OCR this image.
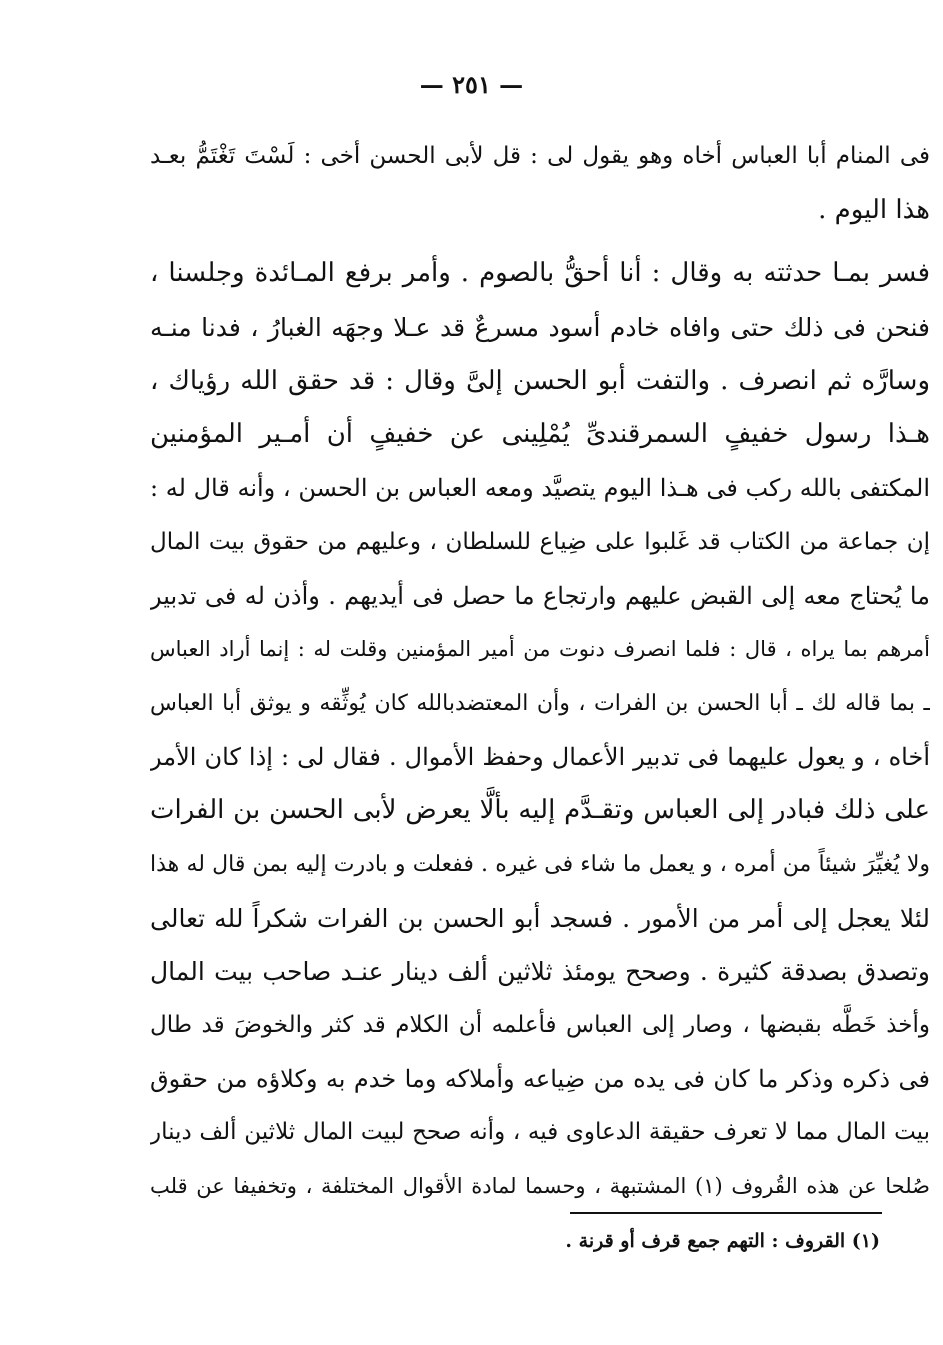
— ٢٥١ —
فى المنام أبا العباس أخاه وهو يقول لى : قل لأبى الحسن أخى : لَسْتَ تَغْتَمُّ بعـد
هذا اليوم .
فسر بمـا حدثته به وقال : أنا أحقُّ بالصوم . وأمر برفع المـائدة وجلسنا ،
فنحن فى ذلك حتى وافاه خادم أسود مسرعٌ قد عـلا وجهَه الغبارُ ، فدنا منـه
وسارَّه ثم انصرف . والتفت أبو الحسن إلىَّ وقال : قد حقق الله رؤياك ،
هـذا رسول خفيفٍ السمرقندىِّ يُمْلِينى عن خفيفٍ أن أمـير المؤمنين
المكتفى بالله ركب فى هـذا اليوم يتصيَّد ومعه العباس بن الحسن ، وأنه قال له :
إن جماعة من الكتاب قد غَلبوا على ضِياع للسلطان ، وعليهم من حقوق بيت المال
ما يُحتاج معه إلى القبض عليهم وارتجاع ما حصل فى أيديهم . وأذن له فى تدبير
أمرهم بما يراه ، قال : فلما انصرف دنوت من أمير المؤمنين وقلت له : إنما أراد العباس
ـ بما قاله لك ـ أبا الحسن بن الفرات ، وأن المعتضدبالله كان يُوثِّقه و يوثق أبا العباس
أخاه ، و يعول عليهما فى تدبير الأعمال وحفظ الأموال . فقال لى : إذا كان الأمر
على ذلك فبادر إلى العباس وتقـدَّم إليه بألَّا يعرض لأبى الحسن بن الفرات
ولا يُغيِّرَ شيئاً من أمره ، و يعمل ما شاء فى غيره . ففعلت و بادرت إليه بمن قال له هذا
لئلا يعجل إلى أمر من الأمور . فسجد أبو الحسن بن الفرات شكراً لله تعالى
وتصدق بصدقة كثيرة . وصحح يومئذ ثلاثين ألف دينار عنـد صاحب بيت المال
وأخذ خَطَّه بقبضها ، وصار إلى العباس فأعلمه أن الكلام قد كثر والخوضَ قد طال
فى ذكره وذكر ما كان فى يده من ضِياعه وأملاكه وما خدم به وكلاؤه من حقوق
بيت المال مما لا تعرف حقيقة الدعاوى فيه ، وأنه صحح لبيت المال ثلاثين ألف دينار
صُلحا عن هذه القُروف (١) المشتبهة ، وحسما لمادة الأقوال المختلفة ، وتخفيفا عن قلب
(١) القروف : التهم جمع قرف أو قرنة .
